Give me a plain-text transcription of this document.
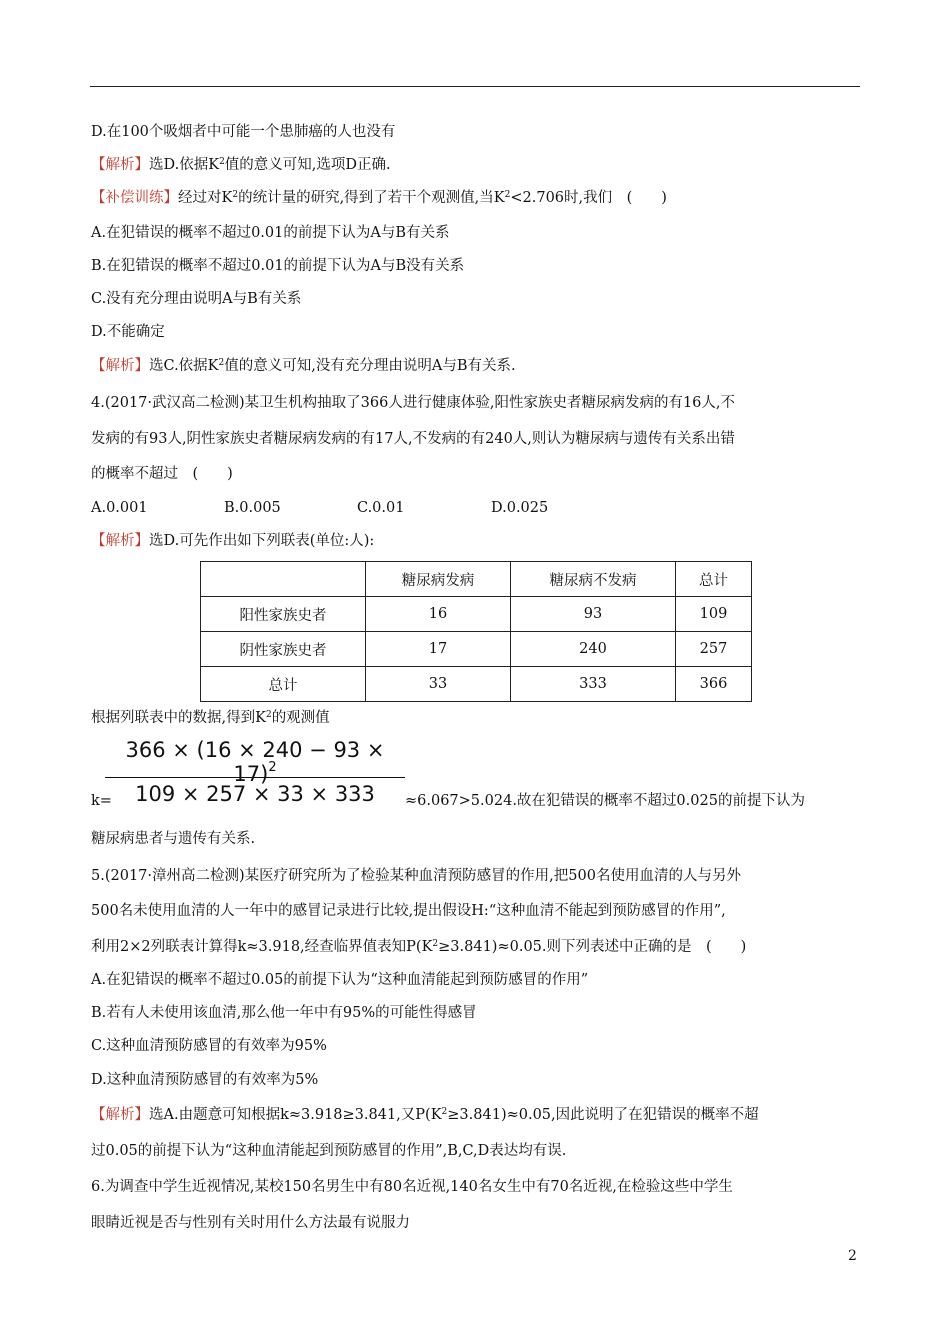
D.在100个吸烟者中可能一个患肺癌的人也没有
【解析】选D.依据$K^2$值的意义可知,选项D正确.
【补偿训练】经过对$K^2$的统计量的研究,得到了若干个观测值,当$K^2<2.706$时,我们　(　　)
A.在犯错误的概率不超过0.01的前提下认为A与B有关系
B.在犯错误的概率不超过0.01的前提下认为A与B没有关系
C.没有充分理由说明A与B有关系
D.不能确定
【解析】选C.依据$K^2$值的意义可知,没有充分理由说明A与B有关系.
4.(2017·武汉高二检测)某卫生机构抽取了366人进行健康体验,阳性家族史者糖尿病发病的有16人,不
发病的有93人,阴性家族史者糖尿病发病的有17人,不发病的有240人,则认为糖尿病与遗传有关系出错
的概率不超过　(　　)
A.0.001	B.0.005	C.0.01	D.0.025
【解析】选D.可先作出如下列联表(单位:人):
	糖尿病发病	糖尿病不发病	总计
阳性家族史者	16	93	109
阴性家族史者	17	240	257
总计	33	333	366
根据列联表中的数据,得到$K^2$的观测值
$366 \times (16 \times 240 - 93 \times 17)^2$
109 × 257 × 33 × 333
k=	≈6.067>5.024.故在犯错误的概率不超过0.025的前提下认为
糖尿病患者与遗传有关系.
5.(2017·漳州高二检测)某医疗研究所为了检验某种血清预防感冒的作用,把500名使用血清的人与另外
500名未使用血清的人一年中的感冒记录进行比较,提出假设H:“这种血清不能起到预防感冒的作用”,
利用2×2列联表计算得k≈3.918,经查临界值表知$P(K^2\ge 3.841)\approx 0.05$.则下列表述中正确的是　(　　)
A.在犯错误的概率不超过0.05的前提下认为“这种血清能起到预防感冒的作用”
B.若有人未使用该血清,那么他一年中有95%的可能性得感冒
C.这种血清预防感冒的有效率为95%
D.这种血清预防感冒的有效率为5%
【解析】选A.由题意可知根据k≈3.918≥3.841,又$P(K^2\ge 3.841)\approx 0.05$,因此说明了在犯错误的概率不超
过0.05的前提下认为“这种血清能起到预防感冒的作用”,B,C,D表达均有误.
6.为调查中学生近视情况,某校150名男生中有80名近视,140名女生中有70名近视,在检验这些中学生
眼睛近视是否与性别有关时用什么方法最有说服力
2
